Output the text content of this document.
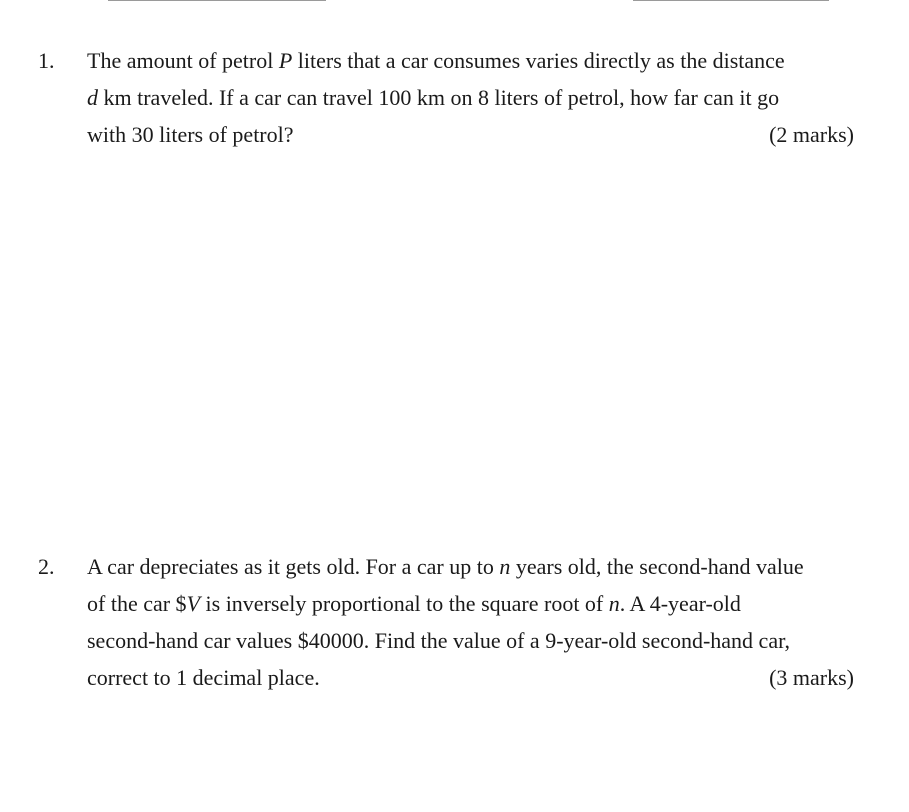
1.	The amount of petrol P liters that a car consumes varies directly as the distance
d km traveled. If a car can travel 100 km on 8 liters of petrol, how far can it go
with 30 liters of petrol?	(2 marks)
2.	A car depreciates as it gets old. For a car up to n years old, the second-hand value
of the car $V is inversely proportional to the square root of n. A 4-year-old
second-hand car values $40000. Find the value of a 9-year-old second-hand car,
correct to 1 decimal place.	(3 marks)
